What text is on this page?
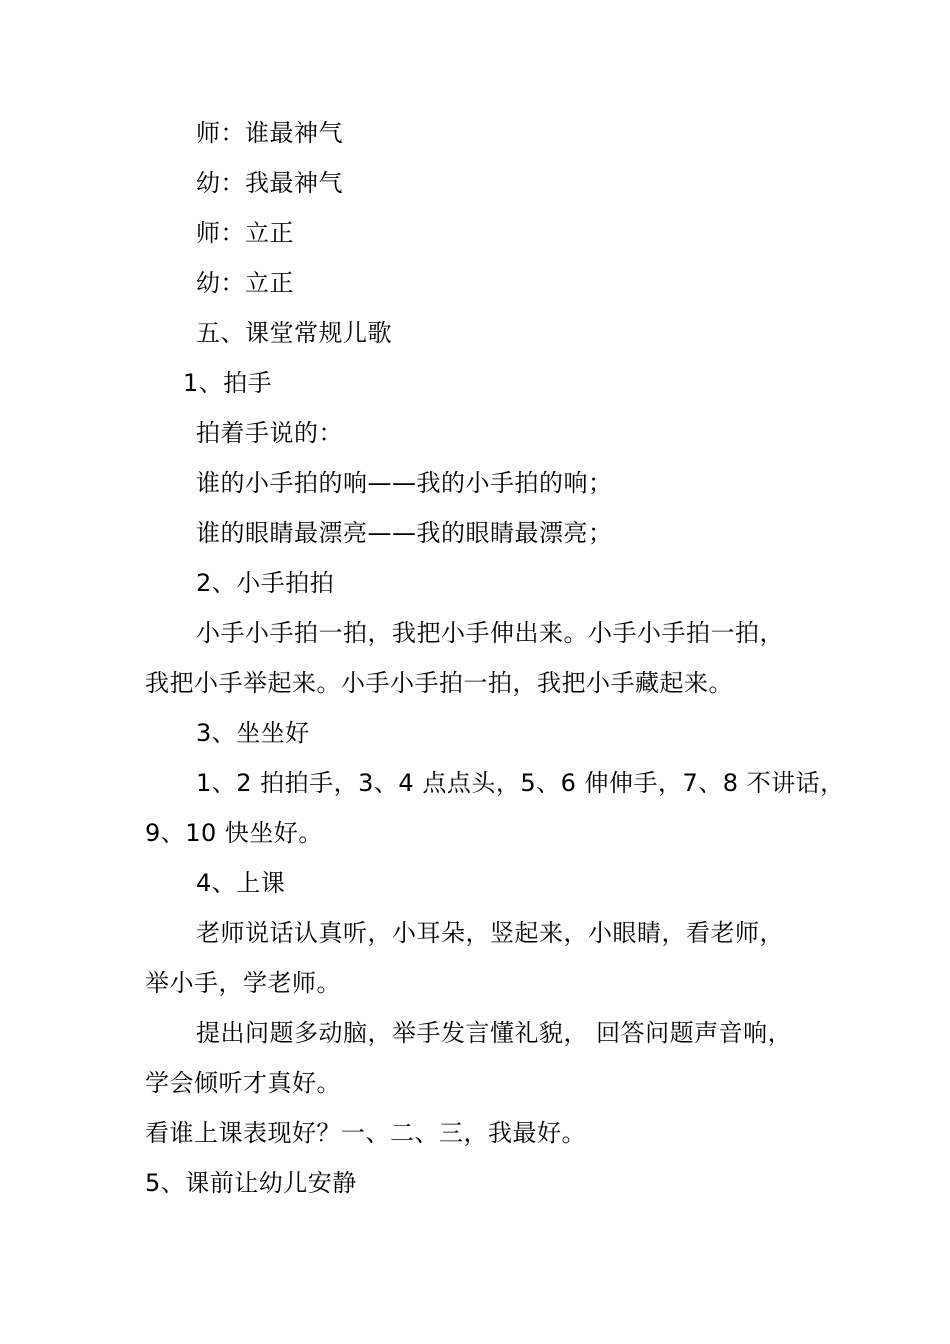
师：谁最神气
幼：我最神气
师：立正
幼：立正
五、课堂常规儿歌
1、拍手
拍着手说的：
谁的小手拍的响——我的小手拍的响；
谁的眼睛最漂亮——我的眼睛最漂亮；
2、小手拍拍
小手小手拍一拍，我把小手伸出来。小手小手拍一拍，
我把小手举起来。小手小手拍一拍，我把小手藏起来。
3、坐坐好
1、2 拍拍手，3、4 点点头，5、6 伸伸手，7、8 不讲话，
9、10 快坐好。
4、上课
老师说话认真听，小耳朵，竖起来，小眼睛，看老师，
举小手，学老师。
提出问题多动脑，举手发言懂礼貌， 回答问题声音响，
学会倾听才真好。
看谁上课表现好？一、二、三，我最好。
5、课前让幼儿安静
